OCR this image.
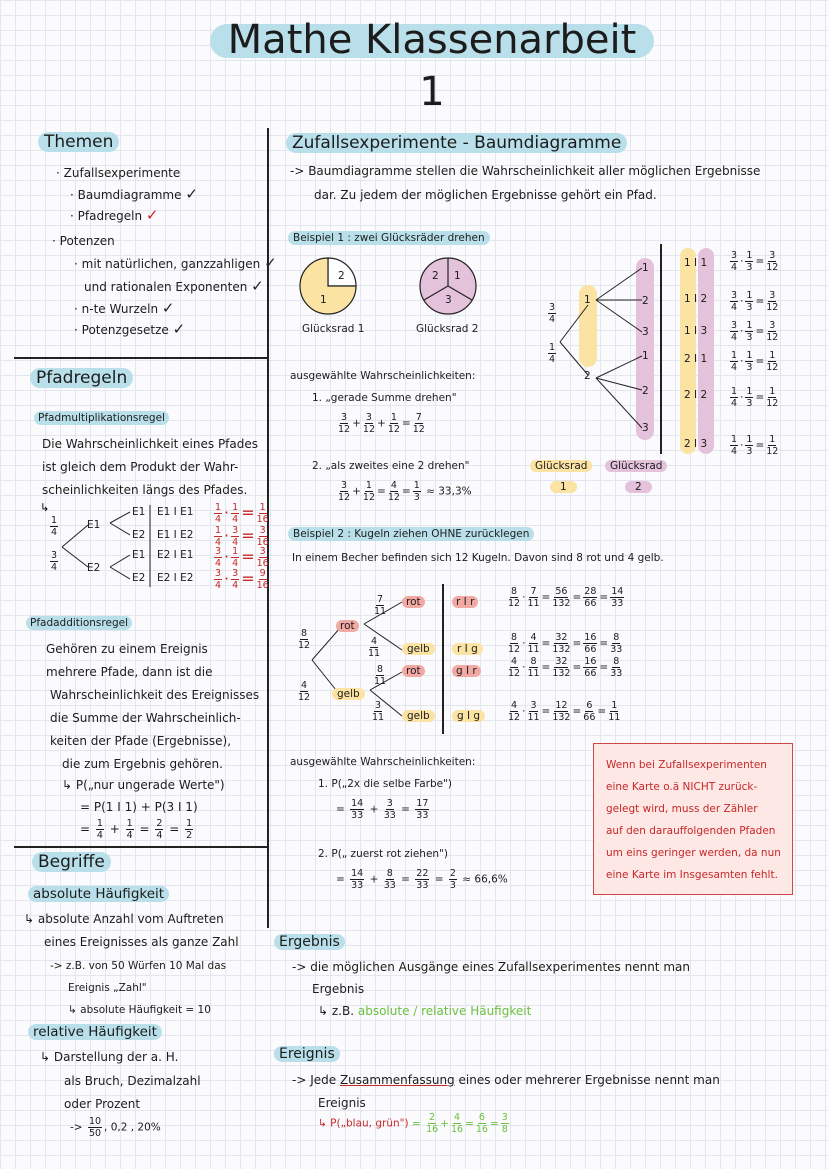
Mathe Klassenarbeit 1
Themen
· Zufallsexperimente
· Baumdiagramme ✓
· Pfadregeln ✓
· Potenzen
· mit natürlichen, ganzzahligen ✓
und rationalen Exponenten ✓
· n-te Wurzeln ✓
· Potenzgesetze ✓
Pfadregeln
Pfadmultiplikationsregel
Die Wahrscheinlichkeit eines Pfades
ist gleich dem Produkt der Wahr-
scheinlichkeiten längs des Pfades.
↳
$\frac{1}{4}$
$\frac{3}{4}$
E1
E2
E1
E2
E1
E2
E1 I E1
E1 I E2
E2 I E1
E2 I E2
$\frac{1}{4} \cdot \frac{1}{4} = \frac{1}{16}$
$\frac{1}{4} \cdot \frac{3}{4} = \frac{3}{16}$
$\frac{3}{4} \cdot \frac{1}{4} = \frac{3}{16}$
$\frac{3}{4} \cdot \frac{3}{4} = \frac{9}{16}$
Pfadadditionsregel
Gehören zu einem Ereignis
mehrere Pfade, dann ist die
Wahrscheinlichkeit des Ereignisses
die Summe der Wahrscheinlich-
keiten der Pfade (Ergebnisse),
die zum Ergebnis gehören.
↳ P(„nur ungerade Werte")
= P(1 I 1) + P(3 I 1)
= $\frac{1}{4} + \frac{1}{4} = \frac{2}{4} = \frac{1}{2}$
Begriffe
absolute Häufigkeit
↳ absolute Anzahl vom Auftreten
eines Ereignisses als ganze Zahl
-> z.B. von 50 Würfen 10 Mal das
Ereignis „Zahl"
↳ absolute Häufigkeit = 10
relative Häufigkeit
↳ Darstellung der a. H.
als Bruch, Dezimalzahl
oder Prozent
-> $\frac{10}{50}$ , 0,2 , 20%
Zufallsexperimente - Baumdiagramme
-> Baumdiagramme stellen die Wahrscheinlichkeit aller möglichen Ergebnisse
dar. Zu jedem der möglichen Ergebnisse gehört ein Pfad.
Beispiel 1 : zwei Glücksräder drehen
2
1
Glücksrad 1
2 1
3
Glücksrad 2
ausgewählte Wahrscheinlichkeiten:
1. „gerade Summe drehen"
$\frac{3}{12} + \frac{3}{12} + \frac{1}{12} = \frac{7}{12}$
2. „als zweites eine 2 drehen"
$\frac{3}{12} + \frac{1}{12} = \frac{4}{12} = \frac{1}{3} \approx 33,3\%$
Glücksrad	Glücksrad
1	2
$\frac{3}{4}$
$\frac{1}{4}$
1
2
1
2
3
1
2
3
1 I 1
1 I 2
1 I 3
2 I 1
2 I 2
2 I 3
$\frac{3}{4} \cdot \frac{1}{3} = \frac{3}{12}$
$\frac{3}{4} \cdot \frac{1}{3} = \frac{3}{12}$
$\frac{3}{4} \cdot \frac{1}{3} = \frac{3}{12}$
$\frac{1}{4} \cdot \frac{1}{3} = \frac{1}{12}$
$\frac{1}{4} \cdot \frac{1}{3} = \frac{1}{12}$
$\frac{1}{4} \cdot \frac{1}{3} = \frac{1}{12}$
Beispiel 2 : Kugeln ziehen OHNE zurücklegen
In einem Becher befinden sich 12 Kugeln. Davon sind 8 rot und 4 gelb.
$\frac{8}{12}$
$\frac{4}{12}$
rot
gelb
$\frac{7}{11}$
$\frac{4}{11}$
$\frac{8}{11}$
$\frac{3}{11}$
rot
gelb
rot
gelb
r I r
r I g
g I r
g I g
$\frac{8}{12} \cdot \frac{7}{11} = \frac{56}{132} = \frac{28}{66} = \frac{14}{33}$
$\frac{8}{12} \cdot \frac{4}{11} = \frac{32}{132} = \frac{16}{66} = \frac{8}{33}$
$\frac{4}{12} \cdot \frac{8}{11} = \frac{32}{132} = \frac{16}{66} = \frac{8}{33}$
$\frac{4}{12} \cdot \frac{3}{11} = \frac{12}{132} = \frac{6}{66} = \frac{1}{11}$
ausgewählte Wahrscheinlichkeiten:
1. P(„2x die selbe Farbe")
= $\frac{14}{33} + \frac{3}{33} = \frac{17}{33}$
2. P(„ zuerst rot ziehen")
= $\frac{14}{33} + \frac{8}{33} = \frac{22}{33} = \frac{2}{3} \approx 66,6\%$
Wenn bei Zufallsexperimenten
eine Karte o.ä NICHT zurück-
gelegt wird, muss der Zähler
auf den darauffolgenden Pfaden
um eins geringer werden, da nun
eine Karte im Insgesamten fehlt.
Ergebnis
-> die möglichen Ausgänge eines Zufallsexperimentes nennt man
Ergebnis
↳ z.B. absolute / relative Häufigkeit
Ereignis
-> Jede Zusammenfassung eines oder mehrerer Ergebnisse nennt man
Ereignis
↳ P(„blau, grün") = $\frac{2}{16} + \frac{4}{16} = \frac{6}{16} = \frac{3}{8}$
